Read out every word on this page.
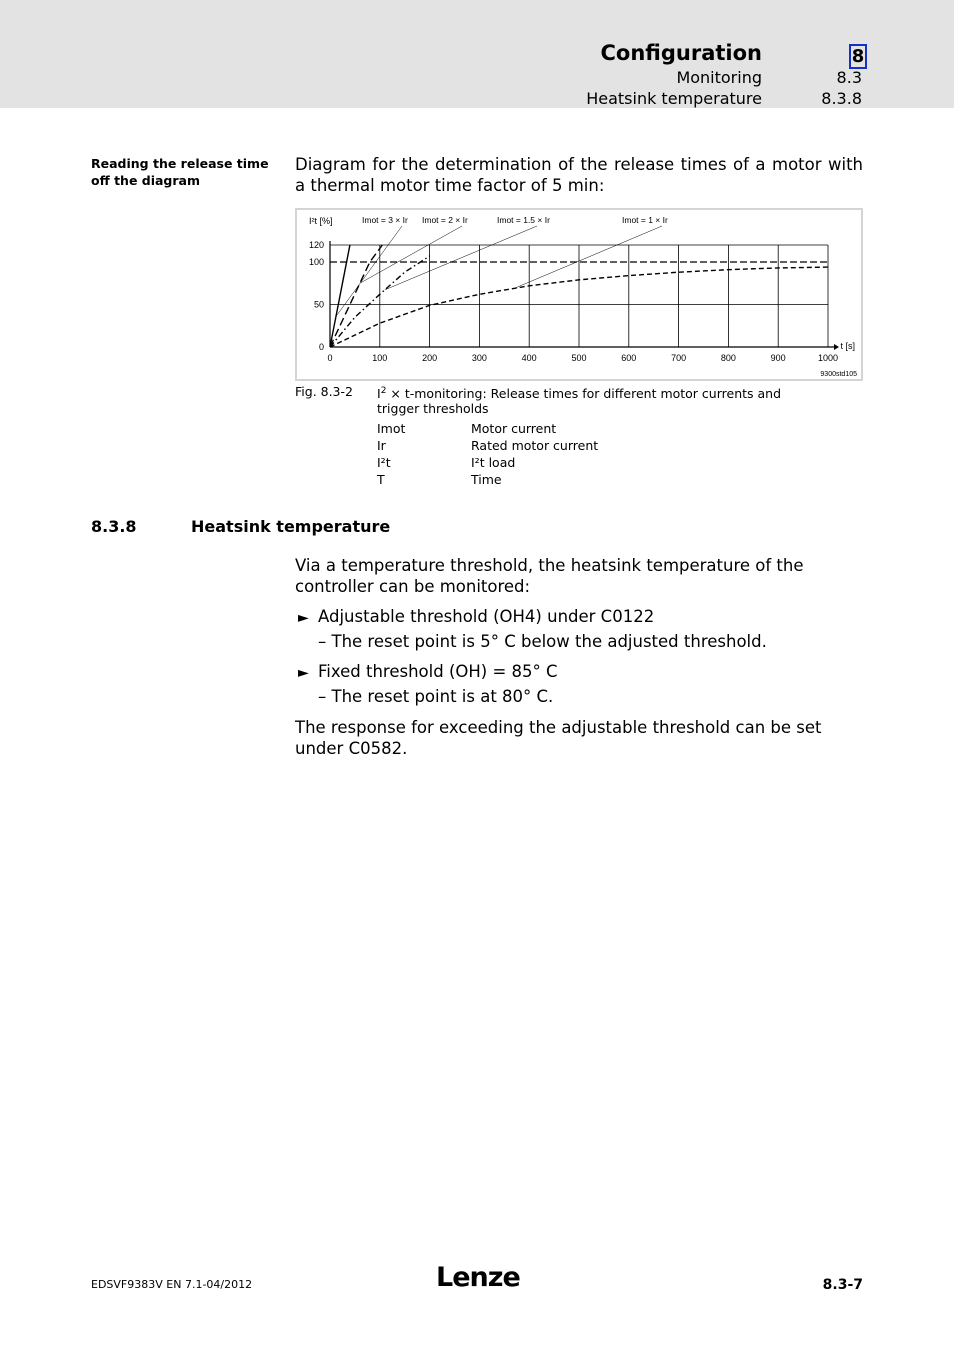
Configuration	8
Monitoring	8.3
Heatsink temperature	8.3.8
Reading the release time off the diagram
Diagram for the determination of the release times of a motor with a thermal motor time factor of 5 min:
0	100	200	300	400	500	600	700	800	900	1000
0
50
100
120
I²t [%]
t [s]
Imot = 3 × Ir Imot = 2 × Ir	Imot = 1.5 × Ir	Imot = 1 × Ir
9300std105
Fig. 8.3-2 $I^2$ × t-monitoring: Release times for different motor currents and trigger thresholds
Imot	Motor current
Ir	Rated motor current
I²t	I²t load
T	Time
8.3.8	Heatsink temperature
Via a temperature threshold, the heatsink temperature of the controller can be monitored:
► Adjustable threshold (OH4) under C0122
– The reset point is 5° C below the adjusted threshold.
► Fixed threshold (OH) = 85° C
– The reset point is at 80° C.
The response for exceeding the adjustable threshold can be set under C0582.
EDSVF9383V EN 7.1-04/2012	Lenze	8.3-7
